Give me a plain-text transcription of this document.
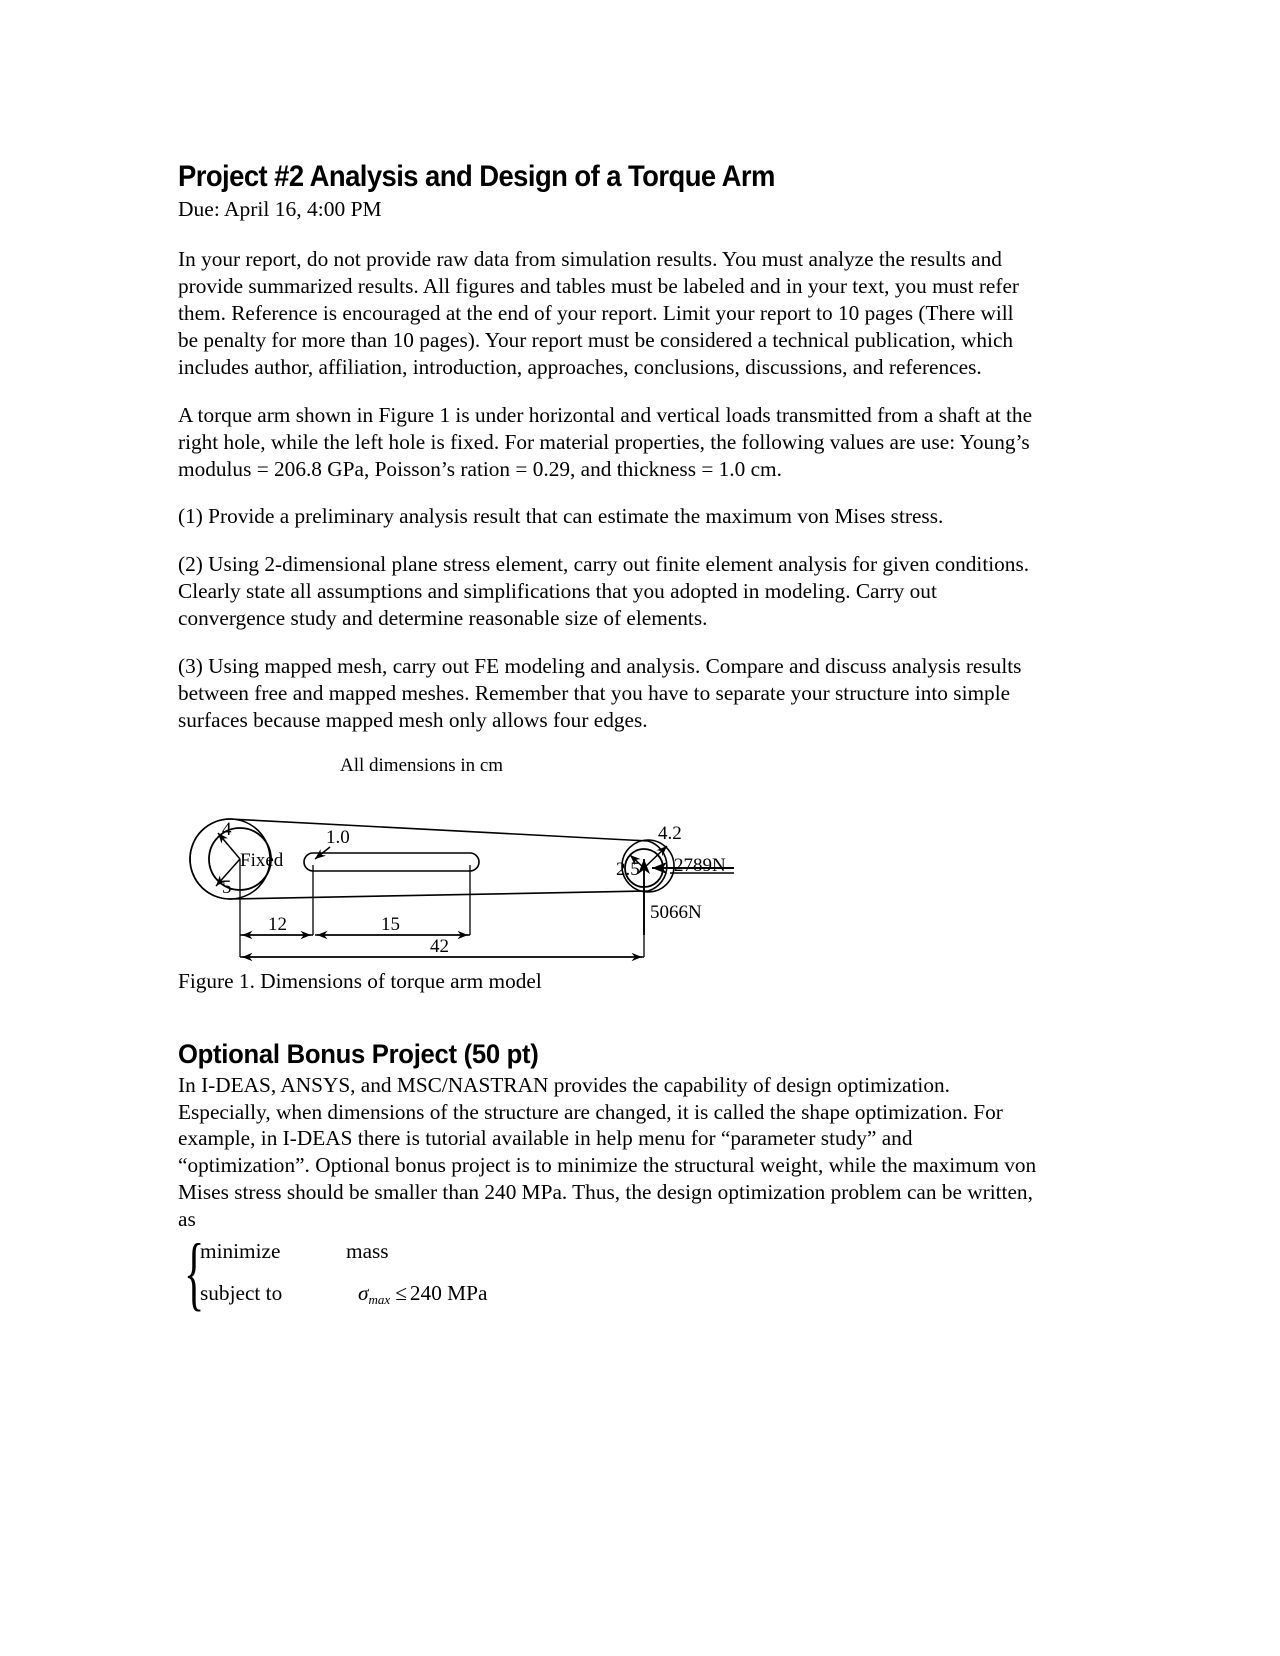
Project #2 Analysis and Design of a Torque Arm
Due: April 16, 4:00 PM

In your report, do not provide raw data from simulation results. You must analyze the results and provide summarized results. All figures and tables must be labeled and in your text, you must refer them. Reference is encouraged at the end of your report. Limit your report to 10 pages (There will be penalty for more than 10 pages). Your report must be considered a technical publication, which includes author, affiliation, introduction, approaches, conclusions, discussions, and references.

A torque arm shown in Figure 1 is under horizontal and vertical loads transmitted from a shaft at the right hole, while the left hole is fixed. For material properties, the following values are use: Young’s modulus = 206.8 GPa, Poisson’s ration = 0.29, and thickness = 1.0 cm.

(1) Provide a preliminary analysis result that can estimate the maximum von Mises stress.

(2) Using 2-dimensional plane stress element, carry out finite element analysis for given conditions. Clearly state all assumptions and simplifications that you adopted in modeling. Carry out convergence study and determine reasonable size of elements.

(3) Using mapped mesh, carry out FE modeling and analysis. Compare and discuss analysis results between free and mapped meshes. Remember that you have to separate your structure into simple surfaces because mapped mesh only allows four edges.

All dimensions in cm
4
5
Fixed
1.0
2.5
4.2
2789N
5066N
12	15
42
Figure 1. Dimensions of torque arm model
Optional Bonus Project (50 pt)

In I-DEAS, ANSYS, and MSC/NASTRAN provides the capability of design optimization. Especially, when dimensions of the structure are changed, it is called the shape optimization. For example, in I-DEAS there is tutorial available in help menu for “parameter study” and “optimization”. Optional bonus project is to minimize the structural weight, while the maximum von Mises stress should be smaller than 240 MPa. Thus, the design optimization problem can be written, as

{
minimize	mass
subject to	$\sigma_{max} \le 240$ MPa
